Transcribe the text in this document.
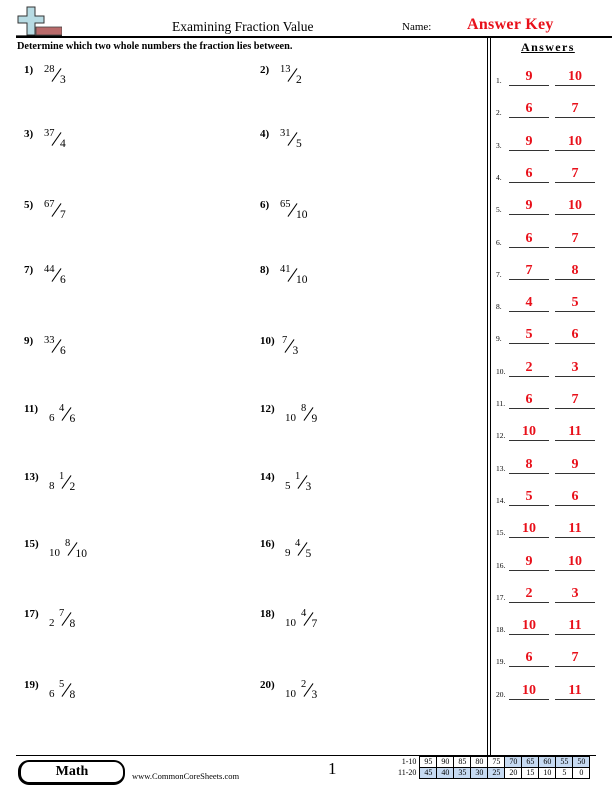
Examining Fraction Value	Name: Answer Key
Determine which two whole numbers the fraction lies between.	Answers
1) 28
3
2) 13
2
3) 37
4
4) 31
5
5) 67
7
6) 65
10
7) 44
6
8) 41
10
9) 33
6
10) 7
3
11)
6
4
6
12)
10
8
9
13)
8
1
2
14)
5
1
3
15)
10
8
10
16)
9
4
5
17)
2
7
8
18)
10
4
7
19)
6
5
8
20)
10
2
3
1.	9	10
2.	6	7
3.	9	10
4.	6	7
5.	9	10
6.	6	7
7.	7	8
8.	4	5
9.	5	6
10.	2	3
11.	6	7
12.	10	11
13.	8	9
14.	5	6
15.	10	11
16.	9	10
17.	2	3
18.	10	11
19.	6	7
20.	10	11
Math	www.CommonCoreSheets.com	1	1-10	95	90	85	80	75	70	65	60	55	50
11-20	45	40	35	30	25	20	15	10	5	0
